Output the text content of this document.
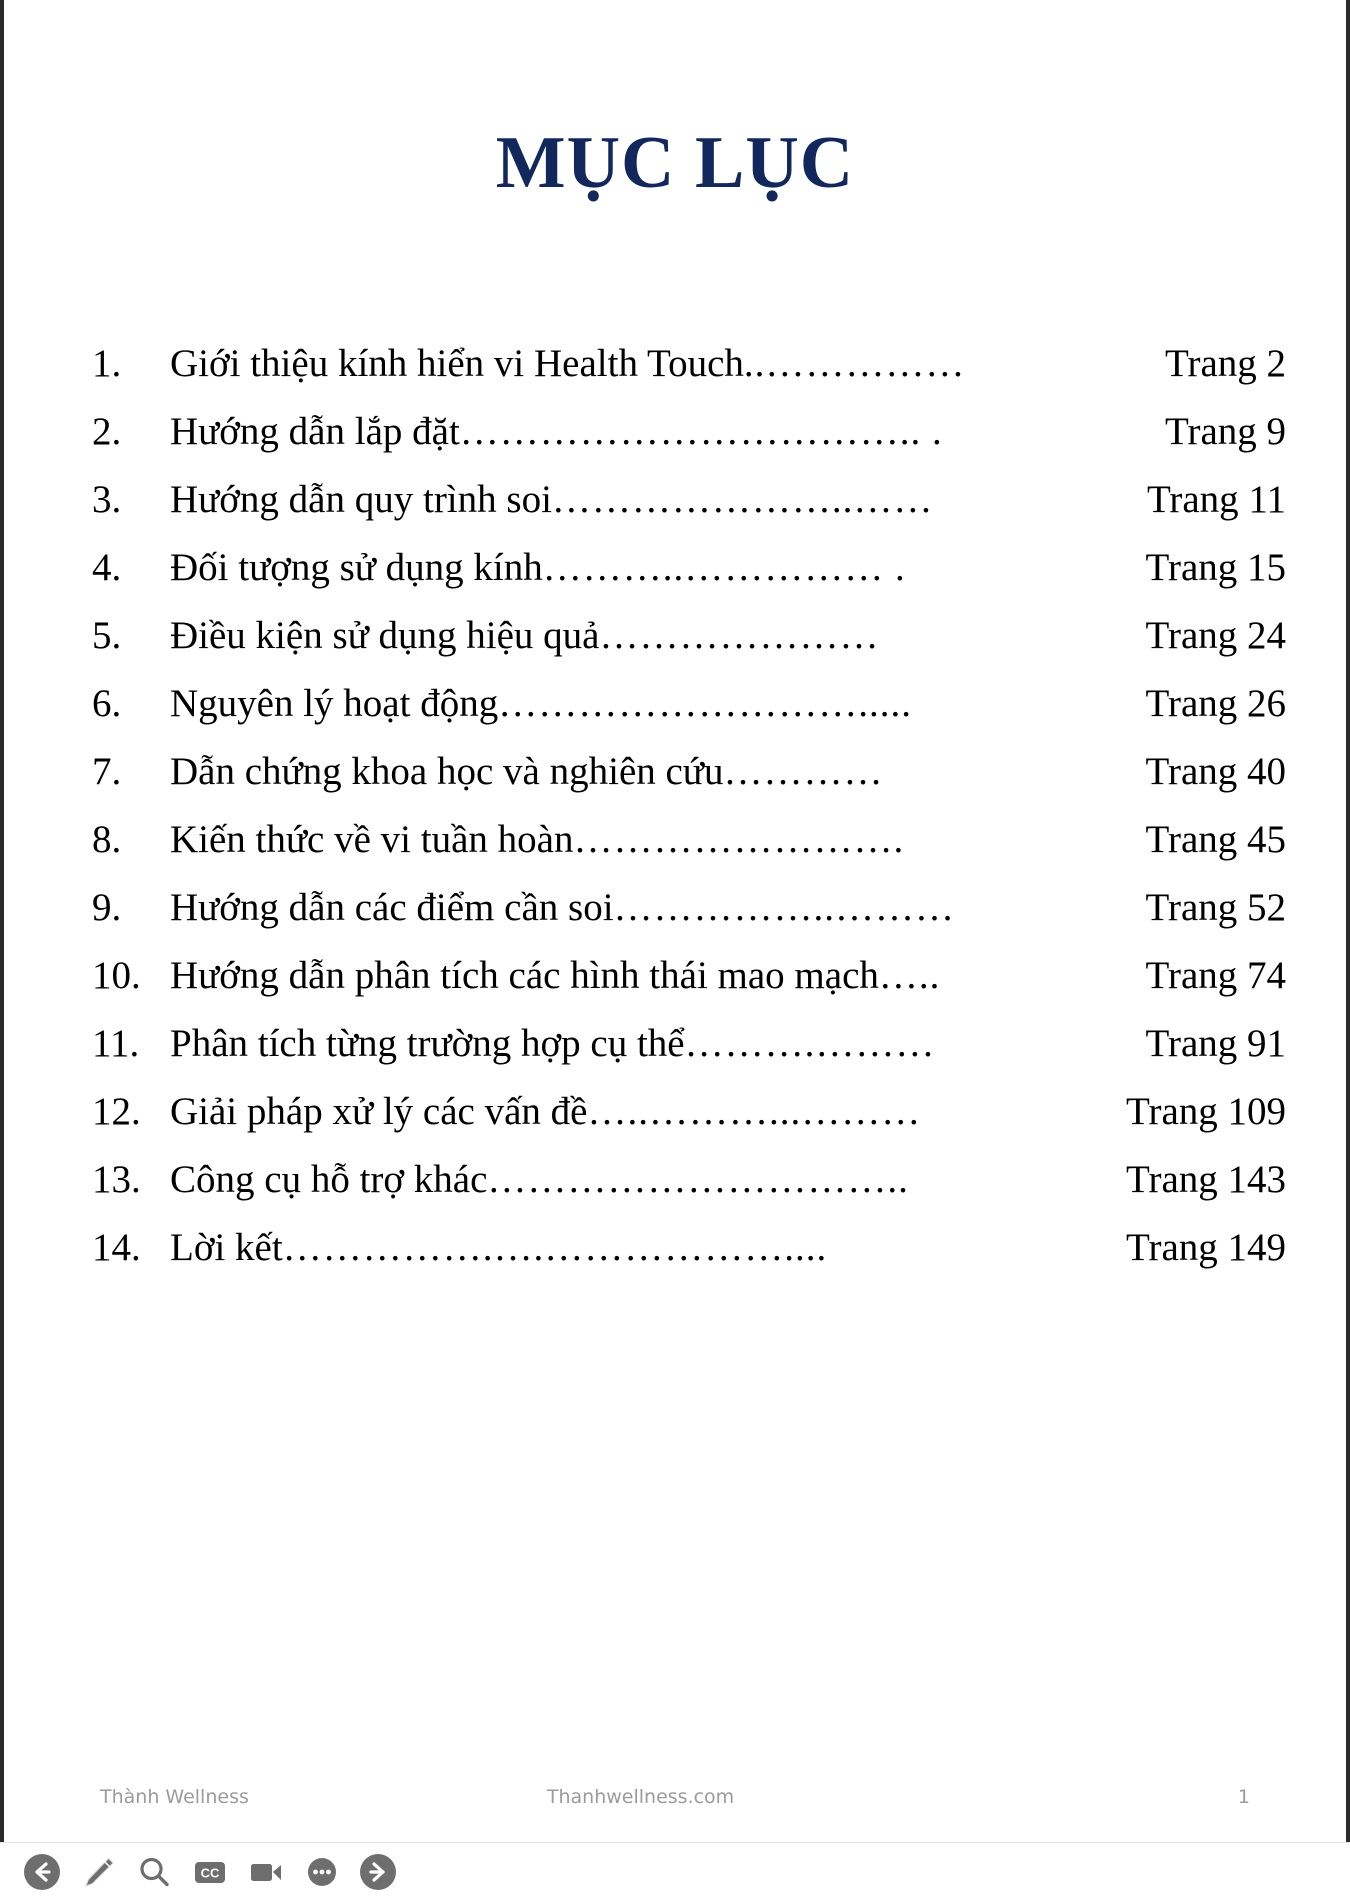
MỤC LỤC
1.	Giới thiệu kính hiển vi Health Touch ..……………	Trang 2
2.	Hướng dẫn lắp đặt …………………………….. .	Trang 9
3.	Hướng dẫn quy trình soi …………………..……	Trang 11
4.	Đối tượng sử dụng kính ………..…………… .	Trang 15
5.	Điều kiện sử dụng hiệu quả …………………	Trang 24
6.	Nguyên lý hoạt động ……………………….....	Trang 26
7.	Dẫn chứng khoa học và nghiên cứu …………	Trang 40
8.	Kiến thức về vi tuần hoàn …………………….	Trang 45
9.	Hướng dẫn các điểm cần soi ……………..………	Trang 52
10. Hướng dẫn phân tích các hình thái mao mạch …..	Trang 74
11. Phân tích từng trường hợp cụ thể ……….………	Trang 91
12. Giải pháp xử lý các vấn đề …..………...………	Trang 109
13. Công cụ hỗ trợ khác …………………………..	Trang 143
14. Lời kết …………….….………………....	Trang 149
Thành Wellness	Thanhwellness.com	1
CC
